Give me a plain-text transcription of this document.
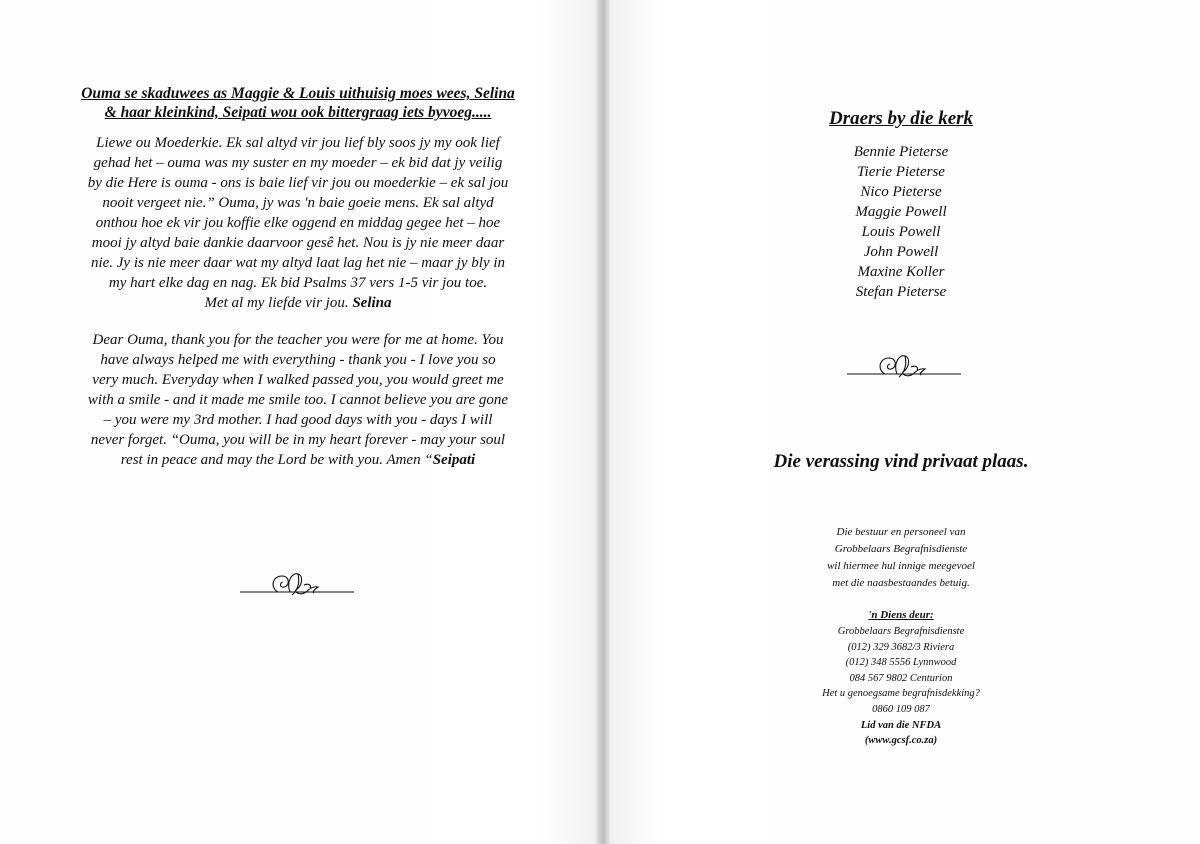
Ouma se skaduwees as Maggie & Louis uithuisig moes wees, Selina
& haar kleinkind, Seipati wou ook bittergraag iets byvoeg.....

Liewe ou Moederkie. Ek sal altyd vir jou lief bly soos jy my ook lief
gehad het – ouma was my suster en my moeder – ek bid dat jy veilig
by die Here is ouma - ons is baie lief vir jou ou moederkie – ek sal jou
nooit vergeet nie.” Ouma, jy was 'n baie goeie mens. Ek sal altyd
onthou hoe ek vir jou koffie elke oggend en middag gegee het – hoe
mooi jy altyd baie dankie daarvoor gesê het. Nou is jy nie meer daar
nie. Jy is nie meer daar wat my altyd laat lag het nie – maar jy bly in
my hart elke dag en nag. Ek bid Psalms 37 vers 1-5 vir jou toe.
Met al my liefde vir jou. Selina

Dear Ouma, thank you for the teacher you were for me at home. You
have always helped me with everything - thank you - I love you so
very much. Everyday when I walked passed you, you would greet me
with a smile - and it made me smile too. I cannot believe you are gone
– you were my 3rd mother. I had good days with you - days I will
never forget. “Ouma, you will be in my heart forever - may your soul
rest in peace and may the Lord be with you. Amen “Seipati

Draers by die kerk
Bennie Pieterse
Tierie Pieterse
Nico Pieterse
Maggie Powell
Louis Powell
John Powell
Maxine Koller
Stefan Pieterse

Die verassing vind privaat plaas.

Die bestuur en personeel van
Grobbelaars Begrafnisdienste
wil hiermee hul innige meegevoel
met die naasbestaandes betuig.

'n Diens deur:

Grobbelaars Begrafnisdienste
(012) 329 3682/3 Riviera
(012) 348 5556 Lynnwood
084 567 9802 Centurion
Het u genoegsame begrafnisdekking?
0860 109 087
Lid van die NFDA
(www.gcsf.co.za)
